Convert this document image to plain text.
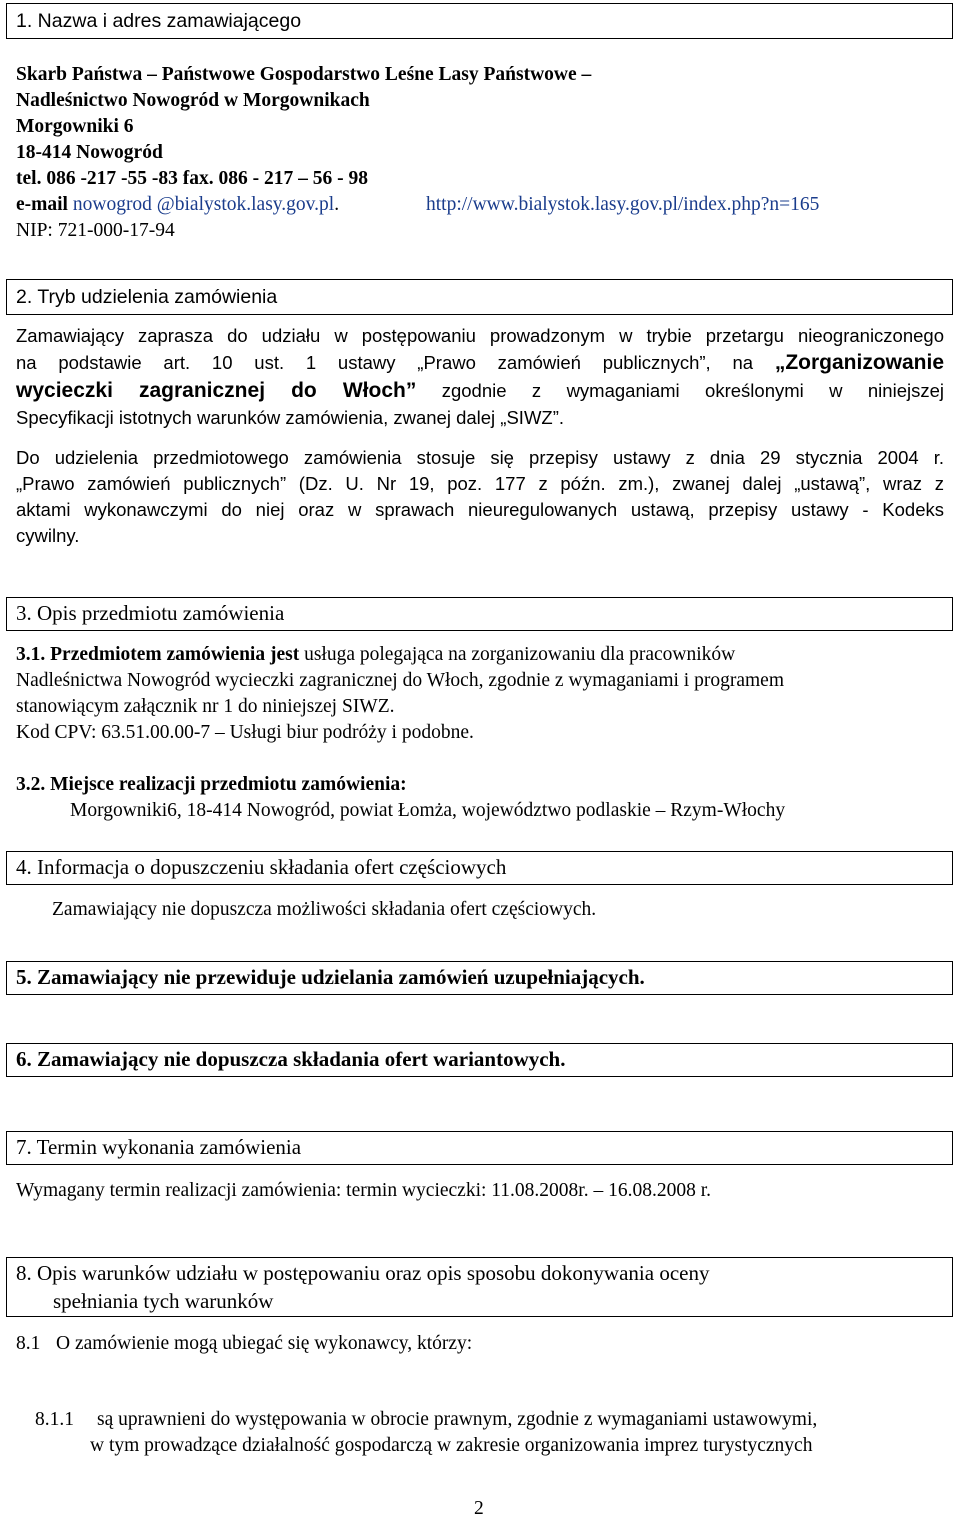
1. Nazwa i adres zamawiającego
Skarb Państwa – Państwowe Gospodarstwo Leśne Lasy Państwowe –
Nadleśnictwo Nowogród w Morgownikach
Morgowniki 6
18-414 Nowogród
tel. 086 -217 -55 -83 fax. 086 - 217 – 56 - 98
e-mail nowogrod @bialystok.lasy.gov.pl.	http://www.bialystok.lasy.gov.pl/index.php?n=165
NIP: 721-000-17-94
2. Tryb udzielenia zamówienia
Zamawiający zaprasza do udziału w postępowaniu prowadzonym w trybie przetargu nieograniczonego
na podstawie art. 10 ust. 1 ustawy „Prawo zamówień publicznych”, na „Zorganizowanie
wycieczki zagranicznej do Włoch” zgodnie z wymaganiami określonymi w niniejszej
Specyfikacji istotnych warunków zamówienia, zwanej dalej „SIWZ”.
Do udzielenia przedmiotowego zamówienia stosuje się przepisy ustawy z dnia 29 stycznia 2004 r.
„Prawo zamówień publicznych” (Dz. U. Nr 19, poz. 177 z późn. zm.), zwanej dalej „ustawą”, wraz z
aktami wykonawczymi do niej oraz w sprawach nieuregulowanych ustawą, przepisy ustawy - Kodeks
cywilny.
3. Opis przedmiotu zamówienia
3.1. Przedmiotem zamówienia jest usługa polegająca na zorganizowaniu dla pracowników
Nadleśnictwa Nowogród wycieczki zagranicznej do Włoch, zgodnie z wymaganiami i programem
stanowiącym załącznik nr 1 do niniejszej SIWZ.
Kod CPV: 63.51.00.00-7 – Usługi biur podróży i podobne.
3.2. Miejsce realizacji przedmiotu zamówienia:
Morgowniki6, 18-414 Nowogród, powiat Łomża, województwo podlaskie – Rzym-Włochy
4. Informacja o dopuszczeniu składania ofert częściowych
Zamawiający nie dopuszcza możliwości składania ofert częściowych.
5. Zamawiający nie przewiduje udzielania zamówień uzupełniających.
6. Zamawiający nie dopuszcza składania ofert wariantowych.
7. Termin wykonania zamówienia
Wymagany termin realizacji zamówienia: termin wycieczki: 11.08.2008r. – 16.08.2008 r.
8. Opis warunków udziału w postępowaniu oraz opis sposobu dokonywania oceny
spełniania tych warunków
8.1 O zamówienie mogą ubiegać się wykonawcy, którzy:
8.1.1 są uprawnieni do występowania w obrocie prawnym, zgodnie z wymaganiami ustawowymi,
w tym prowadzące działalność gospodarczą w zakresie organizowania imprez turystycznych
2
